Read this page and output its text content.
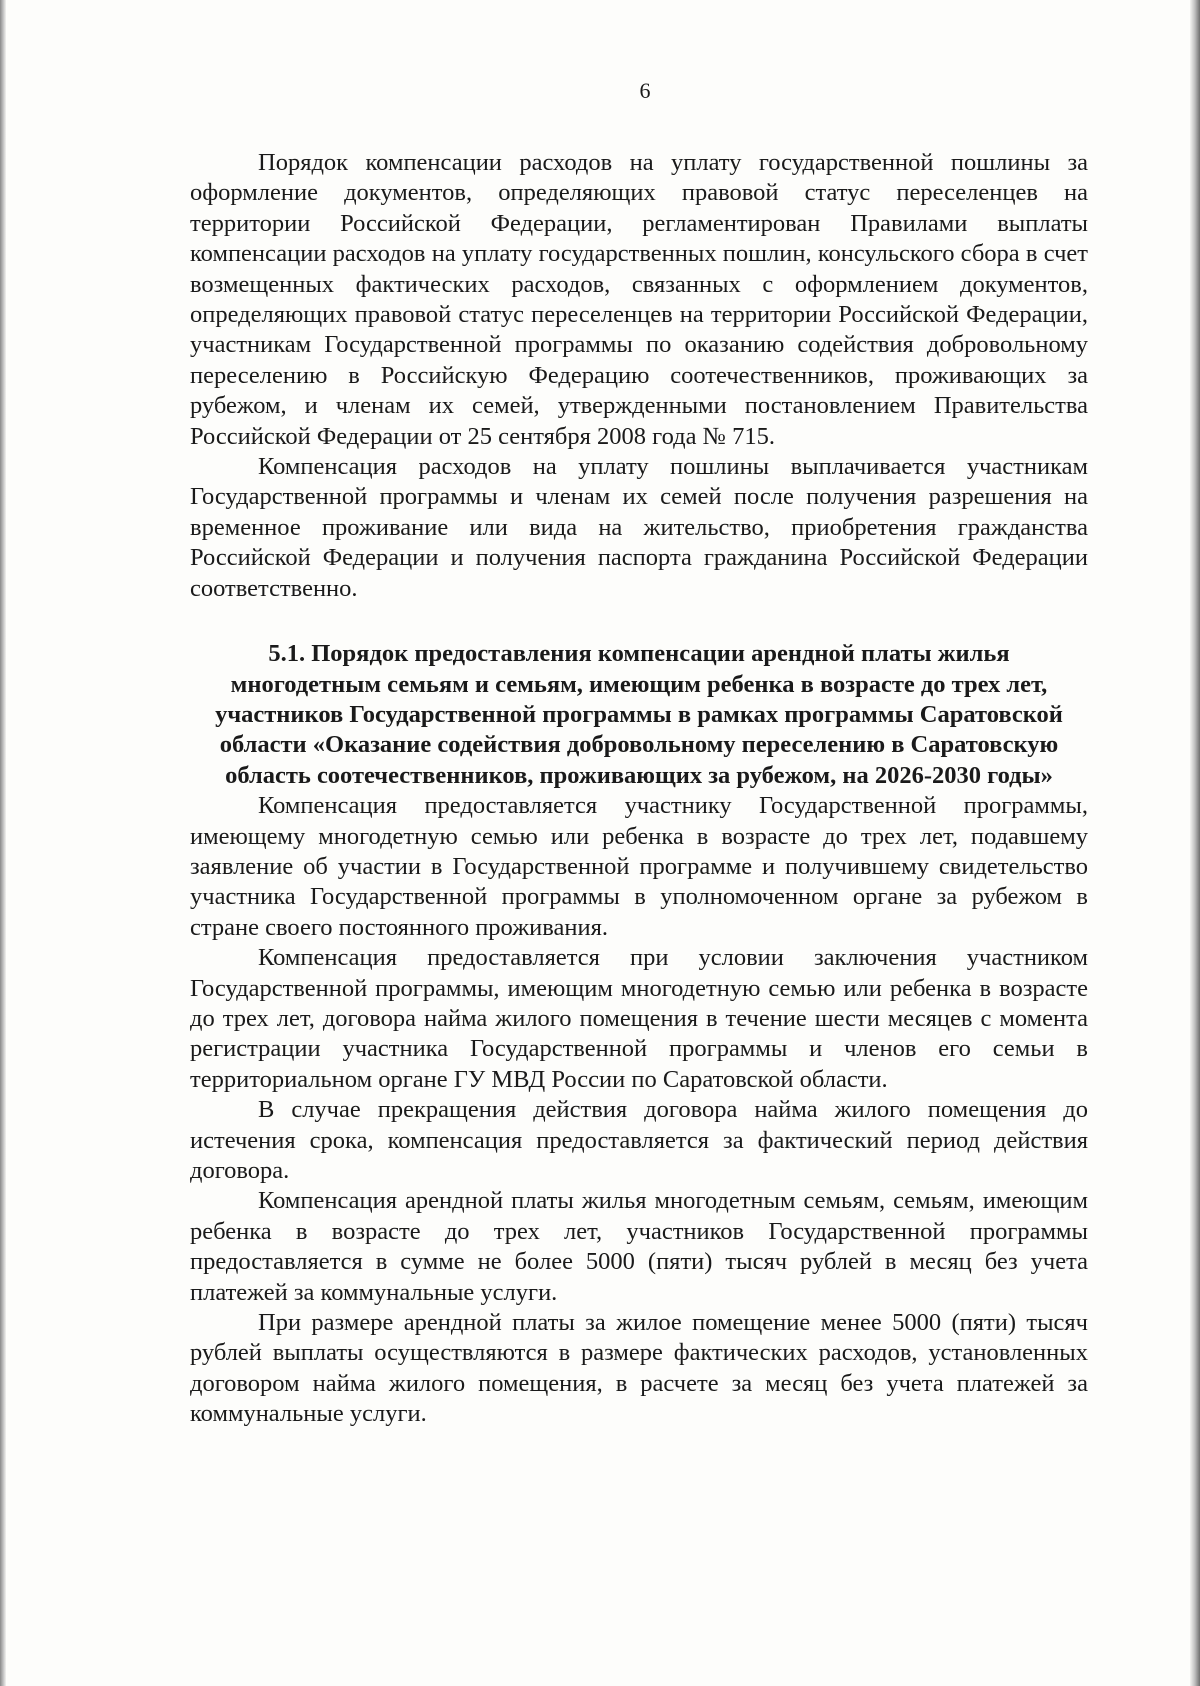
6

Порядок компенсации расходов на уплату государственной пошлины за оформление документов, определяющих правовой статус переселенцев на территории Российской Федерации, регламентирован Правилами выплаты компенсации расходов на уплату государственных пошлин, консульского сбора в счет возмещенных фактических расходов, связанных с оформлением документов, определяющих правовой статус переселенцев на территории Российской Федерации, участникам Государственной программы по оказанию содействия добровольному переселению в Российскую Федерацию соотечественников, проживающих за рубежом, и членам их семей, утвержденными постановлением Правительства Российской Федерации от 25 сентября 2008 года № 715.

Компенсация расходов на уплату пошлины выплачивается участникам Государственной программы и членам их семей после получения разрешения на временное проживание или вида на жительство, приобретения гражданства Российской Федерации и получения паспорта гражданина Российской Федерации соответственно.

5.1. Порядок предоставления компенсации арендной платы жилья многодетным семьям и семьям, имеющим ребенка в возрасте до трех лет, участников Государственной программы в рамках программы Саратовской области «Оказание содействия добровольному переселению в Саратовскую область соотечественников, проживающих за рубежом, на 2026-2030 годы»

Компенсация предоставляется участнику Государственной программы, имеющему многодетную семью или ребенка в возрасте до трех лет, подавшему заявление об участии в Государственной программе и получившему свидетельство участника Государственной программы в уполномоченном органе за рубежом в стране своего постоянного проживания.

Компенсация предоставляется при условии заключения участником Государственной программы, имеющим многодетную семью или ребенка в возрасте до трех лет, договора найма жилого помещения в течение шести месяцев с момента регистрации участника Государственной программы и членов его семьи в территориальном органе ГУ МВД России по Саратовской области.

В случае прекращения действия договора найма жилого помещения до истечения срока, компенсация предоставляется за фактический период действия договора.

Компенсация арендной платы жилья многодетным семьям, семьям, имеющим ребенка в возрасте до трех лет, участников Государственной программы предоставляется в сумме не более 5000 (пяти) тысяч рублей в месяц без учета платежей за коммунальные услуги.

При размере арендной платы за жилое помещение менее 5000 (пяти) тысяч рублей выплаты осуществляются в размере фактических расходов, установленных договором найма жилого помещения, в расчете за месяц без учета платежей за коммунальные услуги.
